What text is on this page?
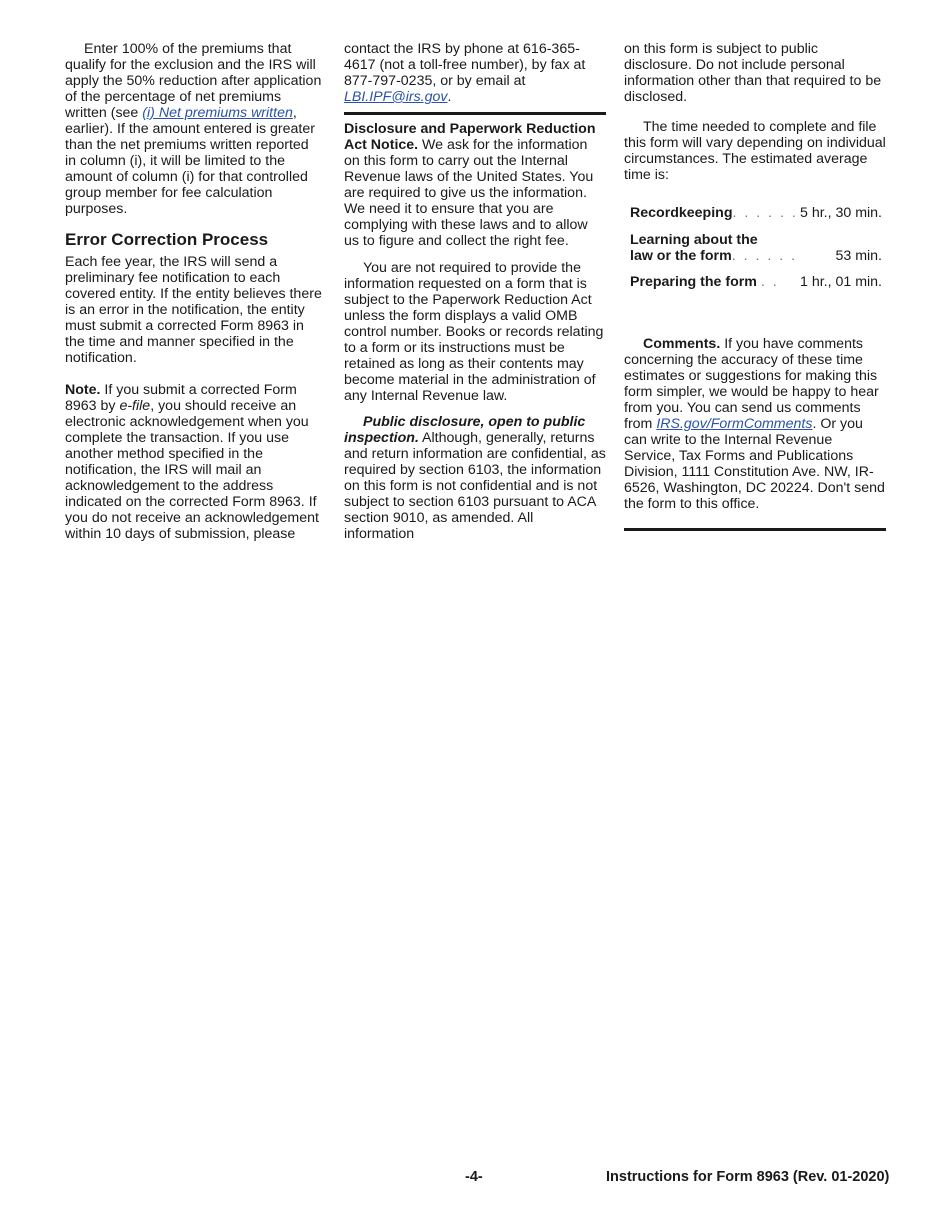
Enter 100% of the premiums that qualify for the exclusion and the IRS will apply the 50% reduction after application of the percentage of net premiums written (see (i) Net premiums written, earlier). If the amount entered is greater than the net premiums written reported in column (i), it will be limited to the amount of column (i) for that controlled group member for fee calculation purposes.

Error Correction Process

Each fee year, the IRS will send a preliminary fee notification to each covered entity. If the entity believes there is an error in the notification, the entity must submit a corrected Form 8963 in the time and manner specified in the notification.

Note. If you submit a corrected Form 8963 by e-file, you should receive an electronic acknowledgement when you complete the transaction. If you use another method specified in the notification, the IRS will mail an acknowledgement to the address indicated on the corrected Form 8963. If you do not receive an acknowledgement within 10 days of submission, please

contact the IRS by phone at 616-365-4617 (not a toll-free number), by fax at 877-797-0235, or by email at LBI.IPF@irs.gov.

Disclosure and Paperwork Reduction Act Notice. We ask for the information on this form to carry out the Internal Revenue laws of the United States. You are required to give us the information. We need it to ensure that you are complying with these laws and to allow us to figure and collect the right fee.

You are not required to provide the information requested on a form that is subject to the Paperwork Reduction Act unless the form displays a valid OMB control number. Books or records relating to a form or its instructions must be retained as long as their contents may become material in the administration of any Internal Revenue law.

Public disclosure, open to public inspection. Although, generally, returns and return information are confidential, as required by section 6103, the information on this form is not confidential and is not subject to section 6103 pursuant to ACA section 9010, as amended. All information

on this form is subject to public disclosure. Do not include personal information other than that required to be disclosed.

The time needed to complete and file this form will vary depending on individual circumstances. The estimated average time is:

Recordkeeping. . . . . .	5 hr., 30 min.
Learning about the
law or the form. . . . . .	53 min.
Preparing the form . .	1 hr., 01 min.

Comments. If you have comments concerning the accuracy of these time estimates or suggestions for making this form simpler, we would be happy to hear from you. You can send us comments from IRS.gov/FormComments. Or you can write to the Internal Revenue Service, Tax Forms and Publications Division, 1111 Constitution Ave. NW, IR-6526, Washington, DC 20224. Don't send the form to this office.

-4-	Instructions for Form 8963 (Rev. 01-2020)
